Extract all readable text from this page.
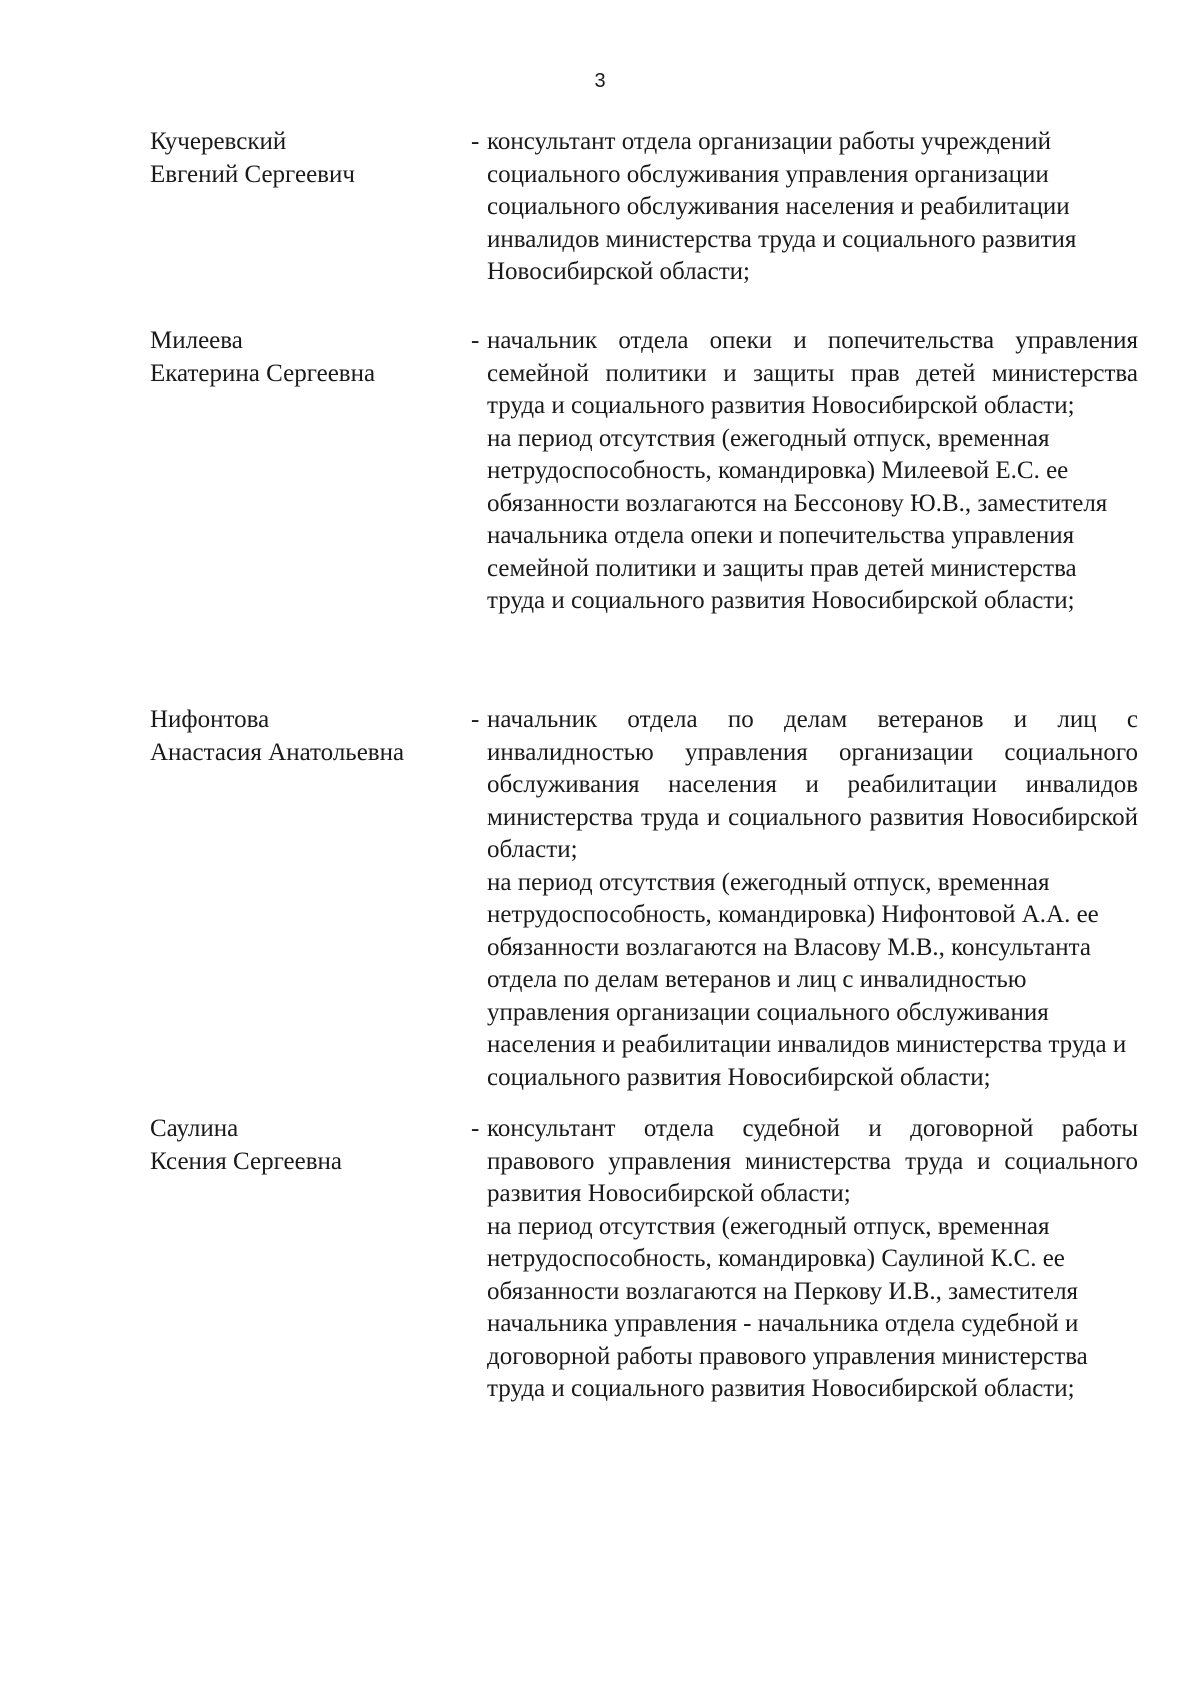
3
Кучеревский
Евгений Сергеевич
- консультант отдела организации работы учреждений социального обслуживания управления организации социального обслуживания населения и реабилитации инвалидов министерства труда и социального развития Новосибирской области;
Милеева
Екатерина Сергеевна
- начальник отдела опеки и попечительства управления семейной политики и защиты прав детей министерства труда и социального развития Новосибирской области;
на период отсутствия (ежегодный отпуск, временная нетрудоспособность, командировка) Милеевой Е.С. ее обязанности возлагаются на Бессонову Ю.В., заместителя начальника отдела опеки и попечительства управления семейной политики и защиты прав детей министерства труда и социального развития Новосибирской области;
Нифонтова
Анастасия Анатольевна
- начальник отдела по делам ветеранов и лиц с инвалидностью управления организации социального обслуживания населения и реабилитации инвалидов министерства труда и социального развития Новосибирской области;
на период отсутствия (ежегодный отпуск, временная нетрудоспособность, командировка) Нифонтовой А.А. ее обязанности возлагаются на Власову М.В., консультанта отдела по делам ветеранов и лиц с инвалидностью управления организации социального обслуживания населения и реабилитации инвалидов министерства труда и социального развития Новосибирской области;
Саулина
Ксения Сергеевна
- консультант отдела судебной и договорной работы правового управления министерства труда и социального развития Новосибирской области;
на период отсутствия (ежегодный отпуск, временная нетрудоспособность, командировка) Саулиной К.С. ее обязанности возлагаются на Перкову И.В., заместителя начальника управления - начальника отдела судебной и договорной работы правового управления министерства труда и социального развития Новосибирской области;
